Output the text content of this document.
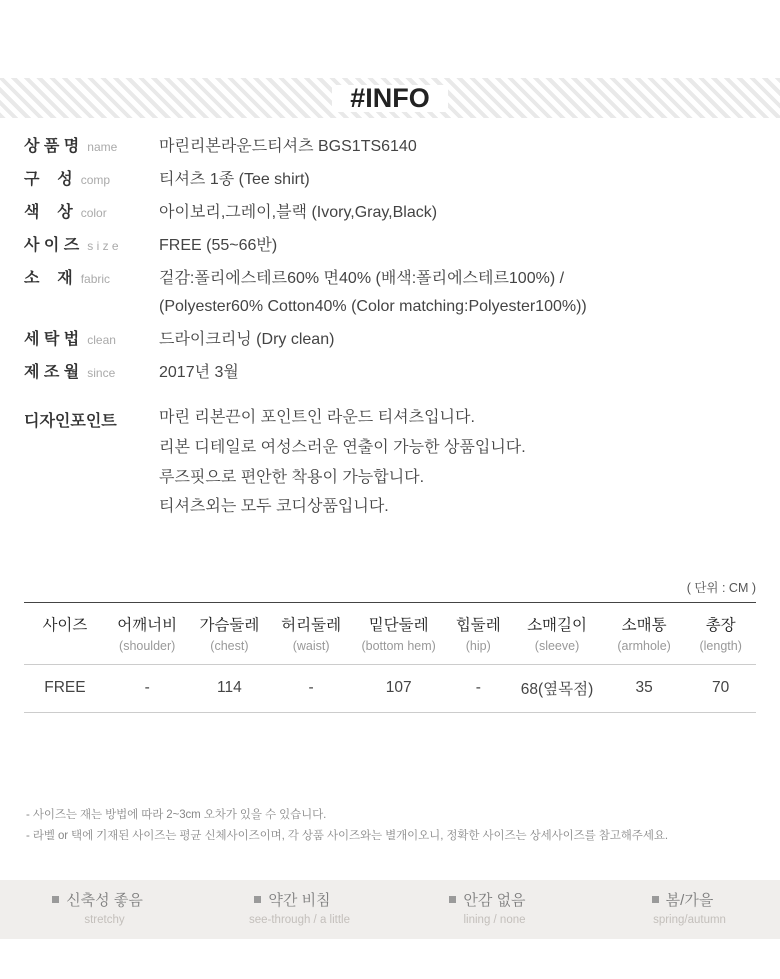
#INFO
상 품 명 name	마린리본라운드티셔츠 BGS1TS6140
구    성 comp	티셔츠 1종 (Tee shirt)
색    상 color	아이보리,그레이,블랙 (Ivory,Gray,Black)
사 이 즈 s i z e	FREE (55~66반)
소    재 fabric	겉감:폴리에스테르60% 면40% (배색:폴리에스테르100%) /
(Polyester60% Cotton40% (Color matching:Polyester100%))
세 탁 법 clean	드라이크리닝 (Dry clean)
제 조 월 since	2017년 3월
디자인포인트	마린 리본끈이 포인트인 라운드 티셔츠입니다.
리본 디테일로 여성스러운 연출이 가능한 상품입니다.
루즈핏으로 편안한 착용이 가능합니다.
티셔츠외는 모두 코디상품입니다.
( 단위 : CM )
사이즈	어깨너비	가슴둘레	허리둘레	밑단둘레	힙둘레	소매길이	소매통	총장
	(shoulder)	(chest)	(waist)	(bottom hem)	(hip)	(sleeve)	(armhole)	(length)
FREE	-	114	-	107	-	68(옆목점)	35	70
- 사이즈는 재는 방법에 따라 2~3cm 오차가 있을 수 있습니다.
- 라벨 or 택에 기재된 사이즈는 평균 신체사이즈이며, 각 상품 사이즈와는 별개이오니, 정확한 사이즈는 상세사이즈를 참고해주세요.
신축성 좋음
stretchy
약간 비침
see-through / a little
안감 없음
lining / none
봄/가을
spring/autumn
